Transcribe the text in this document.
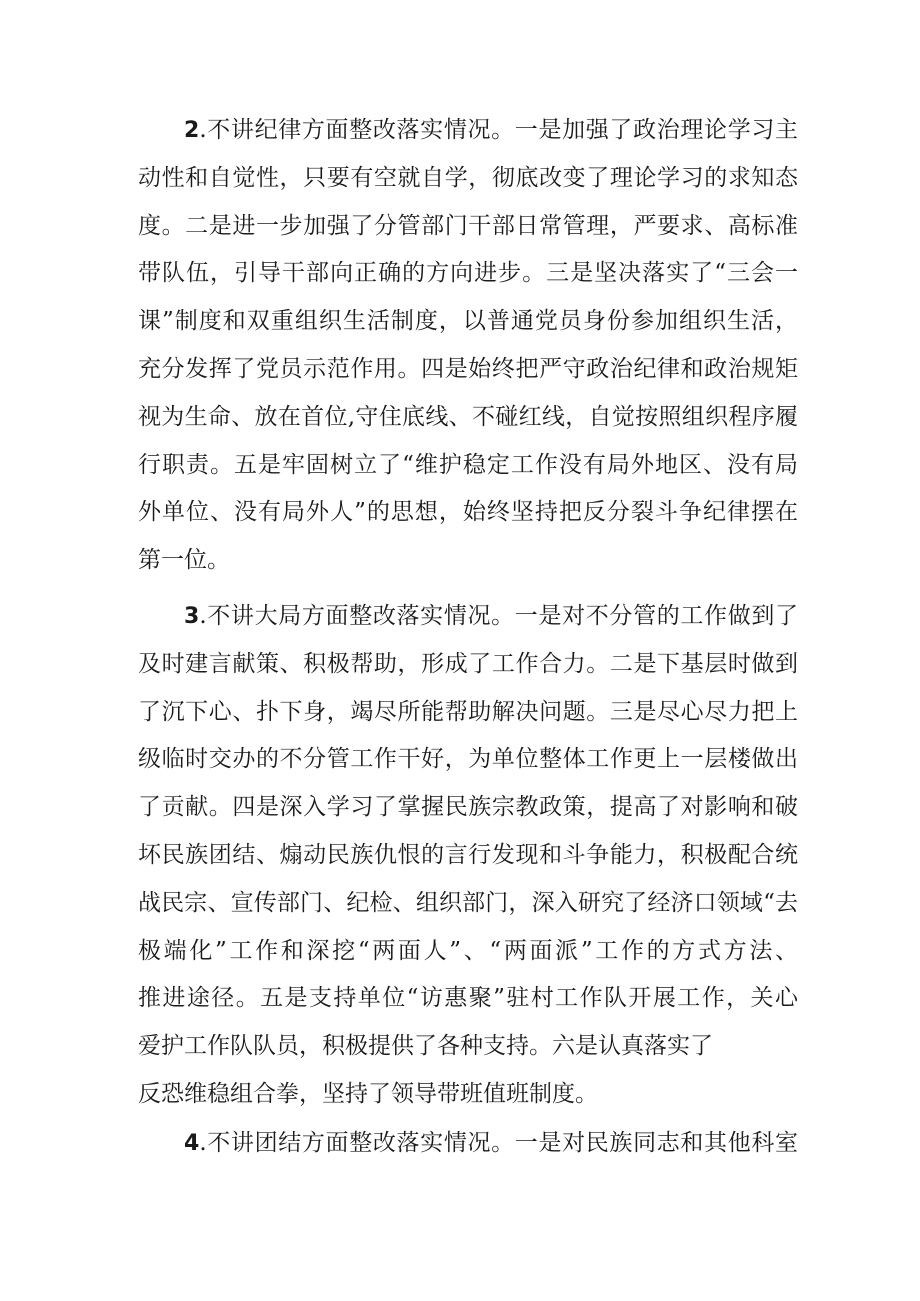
2.不讲纪律方面整改落实情况。一是加强了政治理论学习主
动性和自觉性，只要有空就自学，彻底改变了理论学习的求知态
度。二是进一步加强了分管部门干部日常管理，严要求、高标准
带队伍，引导干部向正确的方向进步。三是坚决落实了“三会一
课”制度和双重组织生活制度，以普通党员身份参加组织生活，
充分发挥了党员示范作用。四是始终把严守政治纪律和政治规矩
视为生命、放在首位,守住底线、不碰红线，自觉按照组织程序履
行职责。五是牢固树立了“维护稳定工作没有局外地区、没有局
外单位、没有局外人”的思想，始终坚持把反分裂斗争纪律摆在
第一位。
3.不讲大局方面整改落实情况。一是对不分管的工作做到了
及时建言献策、积极帮助，形成了工作合力。二是下基层时做到
了沉下心、扑下身，竭尽所能帮助解决问题。三是尽心尽力把上
级临时交办的不分管工作干好，为单位整体工作更上一层楼做出
了贡献。四是深入学习了掌握民族宗教政策，提高了对影响和破
坏民族团结、煽动民族仇恨的言行发现和斗争能力，积极配合统
战民宗、宣传部门、纪检、组织部门，深入研究了经济口领域“去
极端化”工作和深挖“两面人”、“两面派”工作的方式方法、
推进途径。五是支持单位“访惠聚”驻村工作队开展工作，关心
爱护工作队队员，积极提供了各种支持。六是认真落实了
反恐维稳组合拳，坚持了领导带班值班制度。
4.不讲团结方面整改落实情况。一是对民族同志和其他科室
